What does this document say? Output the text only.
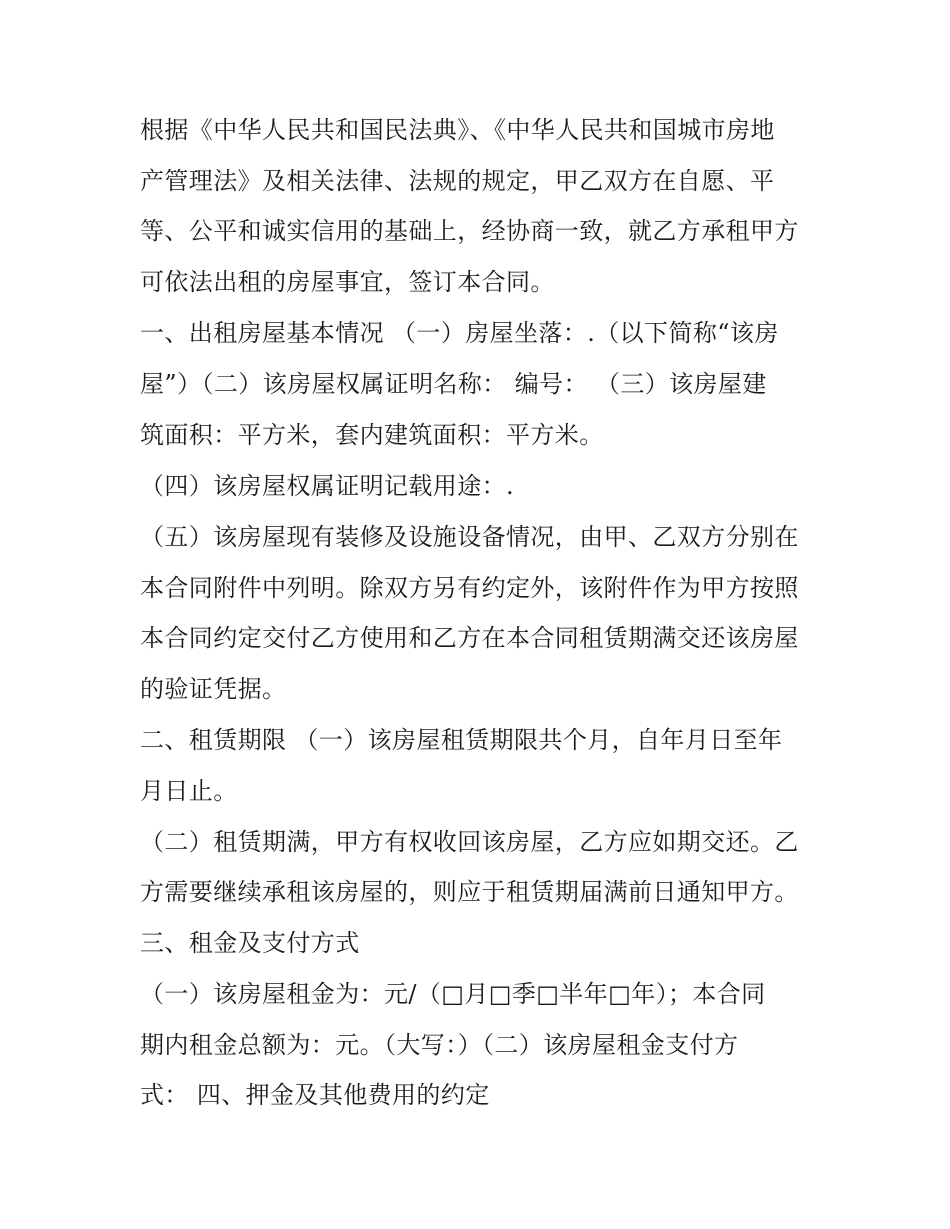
根据《中华人民共和国民法典》、《中华人民共和国城市房地
产管理法》及相关法律、法规的规定，甲乙双方在自愿、平
等、公平和诚实信用的基础上，经协商一致，就乙方承租甲方
可依法出租的房屋事宜，签订本合同。
一、出租房屋基本情况 （一）房屋坐落：.（以下简称“该房
屋”）（二）该房屋权属证明名称： 编号： （三）该房屋建
筑面积：平方米，套内建筑面积：平方米。
（四）该房屋权属证明记载用途：.
（五）该房屋现有装修及设施设备情况，由甲、乙双方分别在
本合同附件中列明。除双方另有约定外，该附件作为甲方按照
本合同约定交付乙方使用和乙方在本合同租赁期满交还该房屋
的验证凭据。
二、租赁期限 （一）该房屋租赁期限共个月，自年月日至年
月日止。
（二）租赁期满，甲方有权收回该房屋，乙方应如期交还。乙
方需要继续承租该房屋的，则应于租赁期届满前日通知甲方。
三、租金及支付方式
（一）该房屋租金为：元/（□月□季□半年□年）；本合同
期内租金总额为：元。（大写：）（二）该房屋租金支付方
式： 四、押金及其他费用的约定
